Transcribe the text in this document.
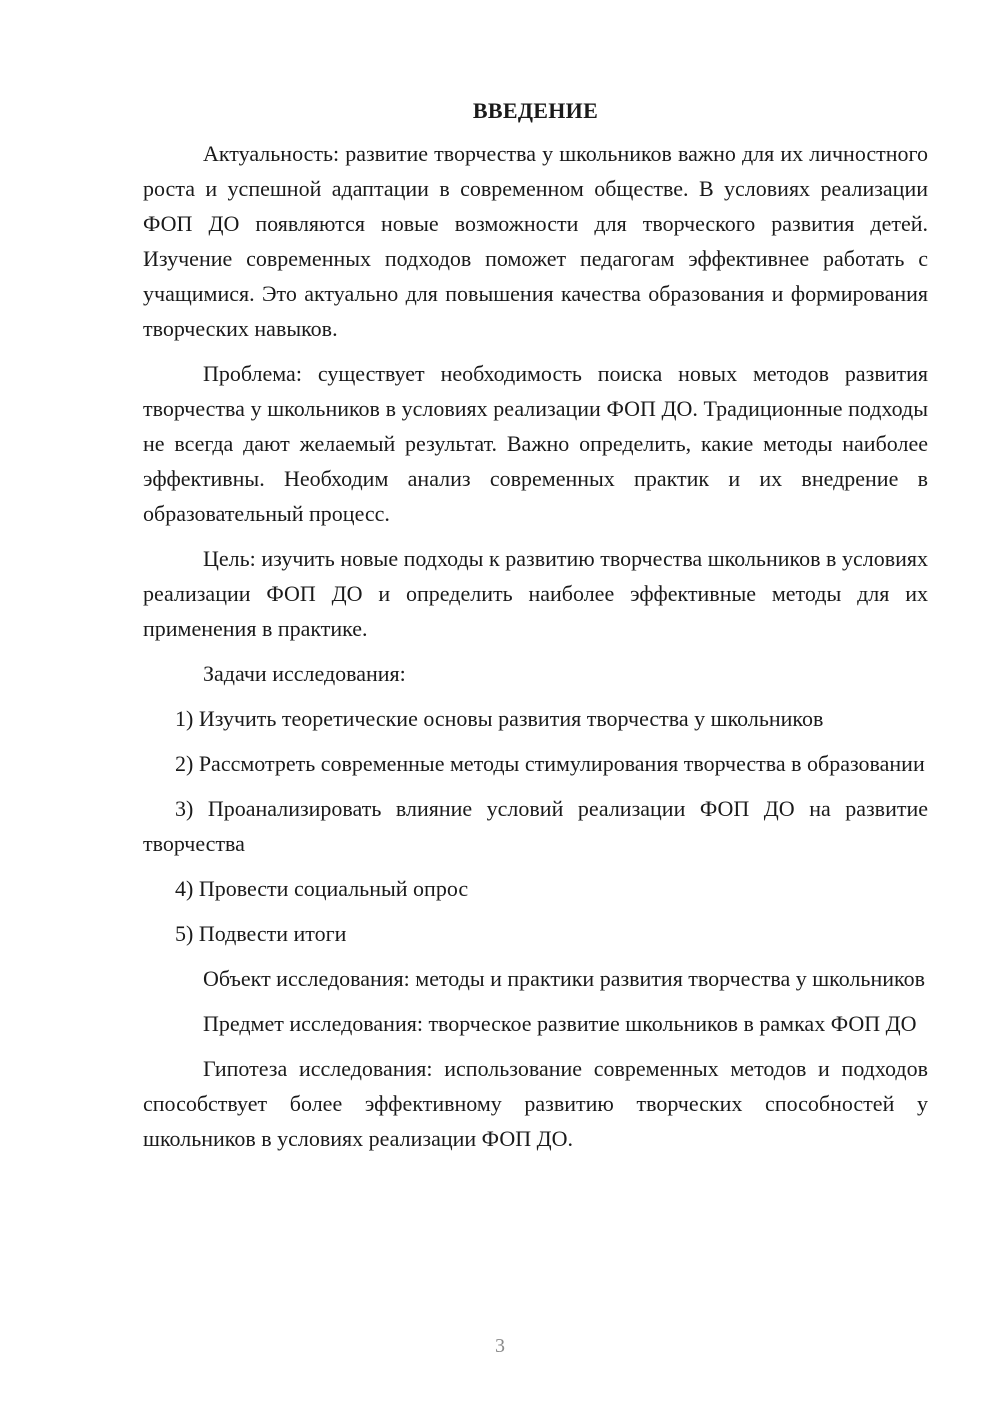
ВВЕДЕНИЕ

Актуальность: развитие творчества у школьников важно для их личностного роста и успешной адаптации в современном обществе. В условиях реализации ФОП ДО появляются новые возможности для творческого развития детей. Изучение современных подходов поможет педагогам эффективнее работать с учащимися. Это актуально для повышения качества образования и формирования творческих навыков.

Проблема: существует необходимость поиска новых методов развития творчества у школьников в условиях реализации ФОП ДО. Традиционные подходы не всегда дают желаемый результат. Важно определить, какие методы наиболее эффективны. Необходим анализ современных практик и их внедрение в образовательный процесс.

Цель: изучить новые подходы к развитию творчества школьников в условиях реализации ФОП ДО и определить наиболее эффективные методы для их применения в практике.

Задачи исследования:

1) Изучить теоретические основы развития творчества у школьников

2) Рассмотреть современные методы стимулирования творчества в образовании

3) Проанализировать влияние условий реализации ФОП ДО на развитие творчества

4) Провести социальный опрос

5) Подвести итоги

Объект исследования: методы и практики развития творчества у школьников

Предмет исследования: творческое развитие школьников в рамках ФОП ДО

Гипотеза исследования: использование современных методов и подходов способствует более эффективному развитию творческих способностей у школьников в условиях реализации ФОП ДО.

3
